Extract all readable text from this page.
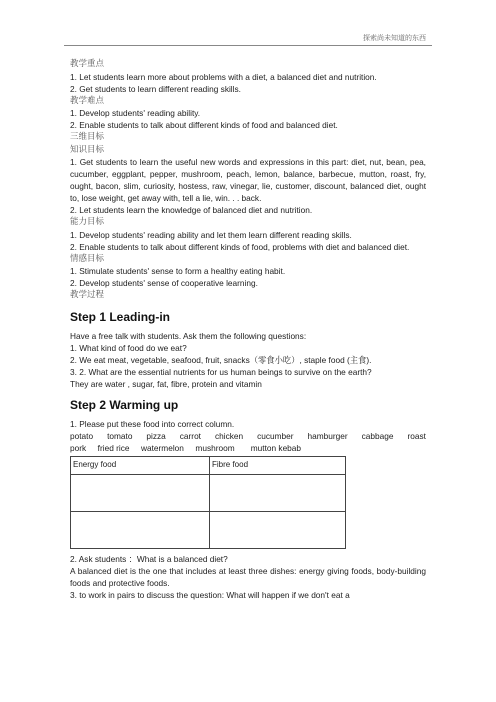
探索尚未知道的东西
教学重点

1. Let students learn more about problems with a diet, a balanced diet and nutrition.

2. Get students to learn different reading skills.

教学难点

1. Develop students' reading ability.

2. Enable students to talk about different kinds of food and balanced diet.

三维目标
知识目标

1. Get students to learn the useful new words and expressions in this part: diet, nut, bean, pea, cucumber, eggplant, pepper, mushroom, peach, lemon, balance, barbecue, mutton, roast, fry, ought, bacon, slim, curiosity, hostess, raw, vinegar, lie, customer, discount, balanced diet, ought to, lose weight, get away with, tell a lie, win. . . back.

2. Let students learn the knowledge of balanced diet and nutrition.

能力目标

1. Develop students' reading ability and let them learn different reading skills.

2. Enable students to talk about different kinds of food, problems with diet and balanced diet.

情感目标

1. Stimulate students' sense to form a healthy eating habit.

2. Develop students' sense of cooperative learning.

教学过程
Step 1 Leading-in

Have a free talk with students. Ask them the following questions:

1. What kind of food do we eat?

2. We eat meat, vegetable, seafood, fruit, snacks（零食小吃）, staple food (主食).

3. 2. What are the essential nutrients for us human beings to survive on the earth?

They are water , sugar, fat, fibre, protein and vitamin

Step 2 Warming up

1. Please put these food into correct column.

potato tomato pizza carrot chicken cucumber hamburger cabbage roast

pork     fried rice     watermelon     mushroom       mutton kebab

Energy food	Fibre food

2. Ask students ：What is a balanced diet?

A balanced diet is the one that includes at least three dishes: energy giving foods, body-building foods and protective foods.

3. to work in pairs to discuss the question: What will happen if we don't eat a
